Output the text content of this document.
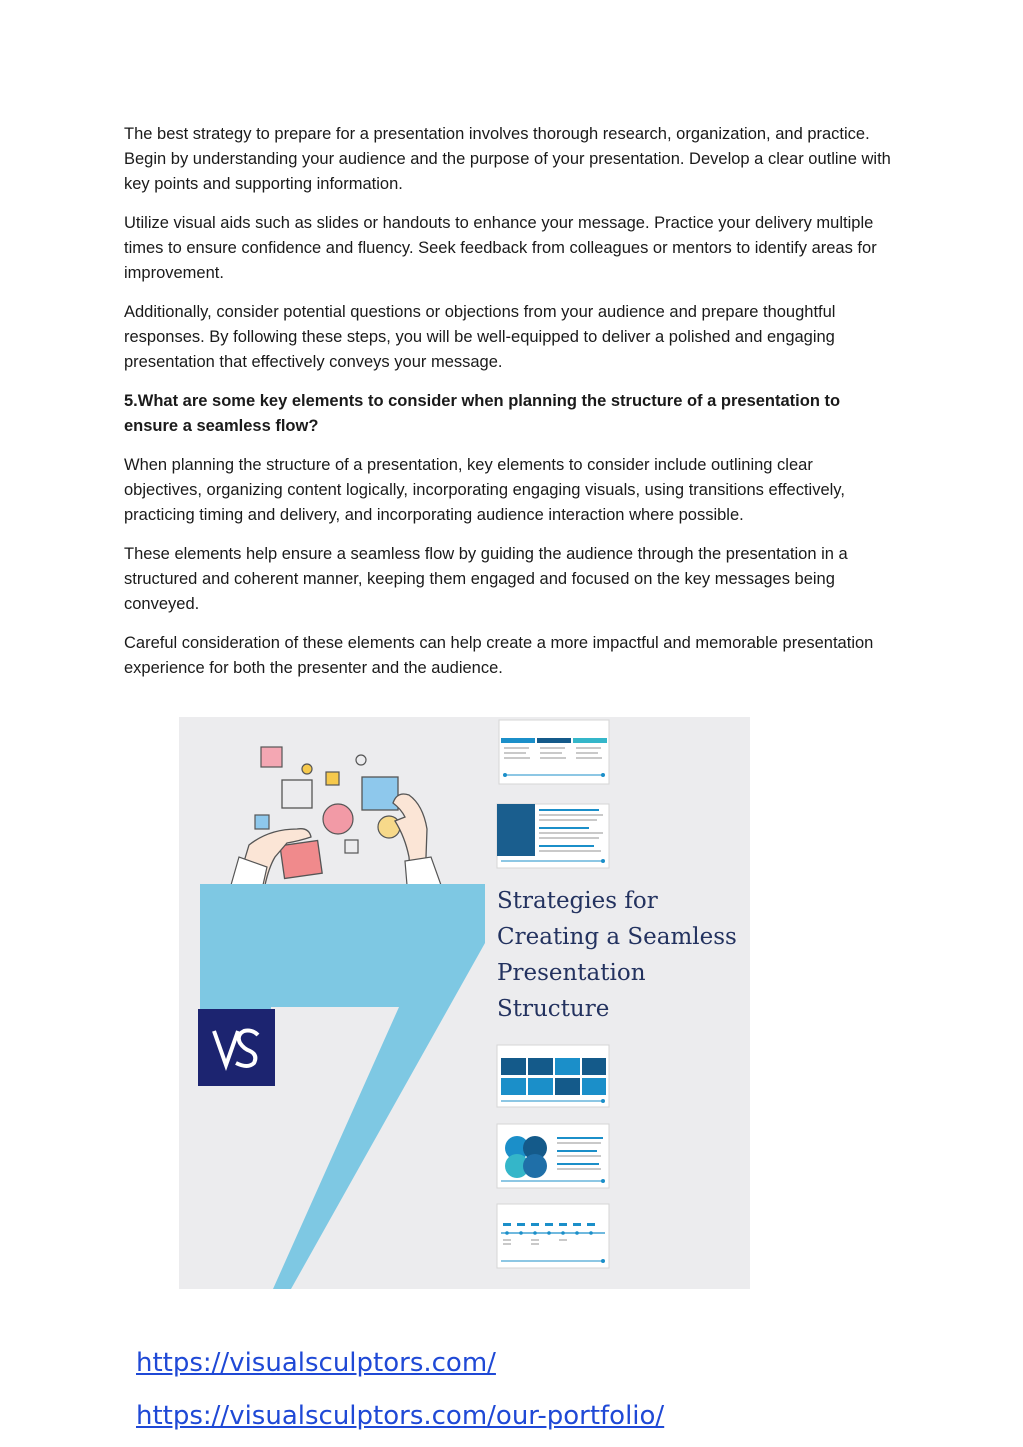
The best strategy to prepare for a presentation involves thorough research, organization, and practice. Begin by understanding your audience and the purpose of your presentation. Develop a clear outline with key points and supporting information.

Utilize visual aids such as slides or handouts to enhance your message. Practice your delivery multiple times to ensure confidence and fluency. Seek feedback from colleagues or mentors to identify areas for improvement.

Additionally, consider potential questions or objections from your audience and prepare thoughtful responses. By following these steps, you will be well-equipped to deliver a polished and engaging presentation that effectively conveys your message.

5.What are some key elements to consider when planning the structure of a presentation to ensure a seamless flow?

When planning the structure of a presentation, key elements to consider include outlining clear objectives, organizing content logically, incorporating engaging visuals, using transitions effectively, practicing timing and delivery, and incorporating audience interaction where possible.

These elements help ensure a seamless flow by guiding the audience through the presentation in a structured and coherent manner, keeping them engaged and focused on the key messages being conveyed.

Careful consideration of these elements can help create a more impactful and memorable presentation experience for both the presenter and the audience.

Strategies for
Creating a Seamless
Presentation
Structure
https://visualsculptors.com/
https://visualsculptors.com/our-portfolio/
